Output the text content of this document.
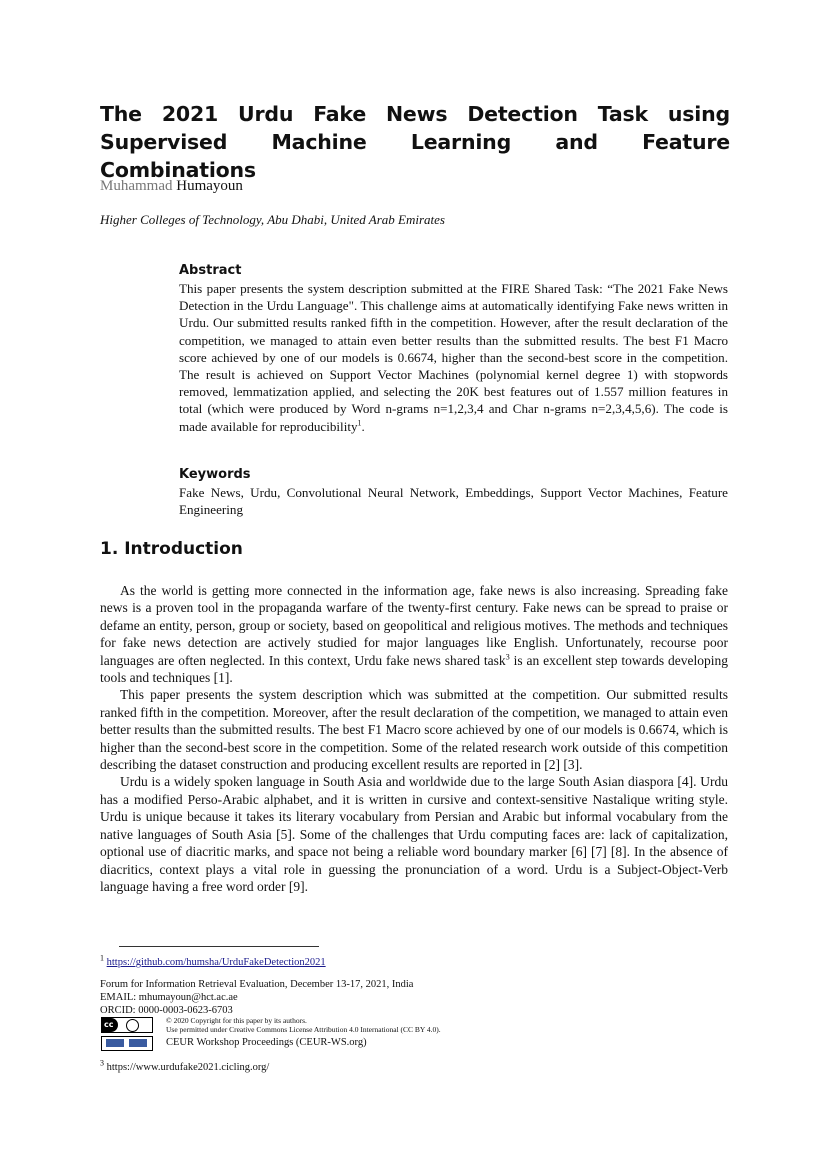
The 2021 Urdu Fake News Detection Task using Supervised Machine Learning and Feature Combinations
Muhammad Humayoun
Higher Colleges of Technology, Abu Dhabi, United Arab Emirates
Abstract
This paper presents the system description submitted at the FIRE Shared Task: “The 2021 Fake News Detection in the Urdu Language". This challenge aims at automatically identifying Fake news written in Urdu. Our submitted results ranked fifth in the competition. However, after the result declaration of the competition, we managed to attain even better results than the submitted results. The best F1 Macro score achieved by one of our models is 0.6674, higher than the second-best score in the competition. The result is achieved on Support Vector Machines (polynomial kernel degree 1) with stopwords removed, lemmatization applied, and selecting the 20K best features out of 1.557 million features in total (which were produced by Word n-grams n=1,2,3,4 and Char n-grams n=2,3,4,5,6). The code is made available for reproducibility$^1$.
Keywords
Fake News, Urdu, Convolutional Neural Network, Embeddings, Support Vector Machines, Feature Engineering
1. Introduction

As the world is getting more connected in the information age, fake news is also increasing. Spreading fake news is a proven tool in the propaganda warfare of the twenty-first century. Fake news can be spread to praise or defame an entity, person, group or society, based on geopolitical and religious motives. The methods and techniques for fake news detection are actively studied for major languages like English. Unfortunately, recourse poor languages are often neglected. In this context, Urdu fake news shared task$^3$ is an excellent step towards developing tools and techniques [1].

This paper presents the system description which was submitted at the competition. Our submitted results ranked fifth in the competition. Moreover, after the result declaration of the competition, we managed to attain even better results than the submitted results. The best F1 Macro score achieved by one of our models is 0.6674, which is higher than the second-best score in the competition. Some of the related research work outside of this competition describing the dataset construction and producing excellent results are reported in [2] [3].

Urdu is a widely spoken language in South Asia and worldwide due to the large South Asian diaspora [4]. Urdu has a modified Perso-Arabic alphabet, and it is written in cursive and context-sensitive Nastalique writing style. Urdu is unique because it takes its literary vocabulary from Persian and Arabic but informal vocabulary from the native languages of South Asia [5]. Some of the challenges that Urdu computing faces are: lack of capitalization, optional use of diacritic marks, and space not being a reliable word boundary marker [6] [7] [8]. In the absence of diacritics, context plays a vital role in guessing the pronunciation of a word. Urdu is a Subject-Object-Verb language having a free word order [9].

$^1$ https://github.com/humsha/UrduFakeDetection2021
Forum for Information Retrieval Evaluation, December 13-17, 2021, India
EMAIL: mhumayoun@hct.ac.ae
ORCID: 0000-0003-0623-6703
cc	© 2020 Copyright for this paper by its authors.
Use permitted under Creative Commons License Attribution 4.0 International (CC BY 4.0).
CEUR Workshop Proceedings (CEUR-WS.org)
$^3$ https://www.urdufake2021.cicling.org/
